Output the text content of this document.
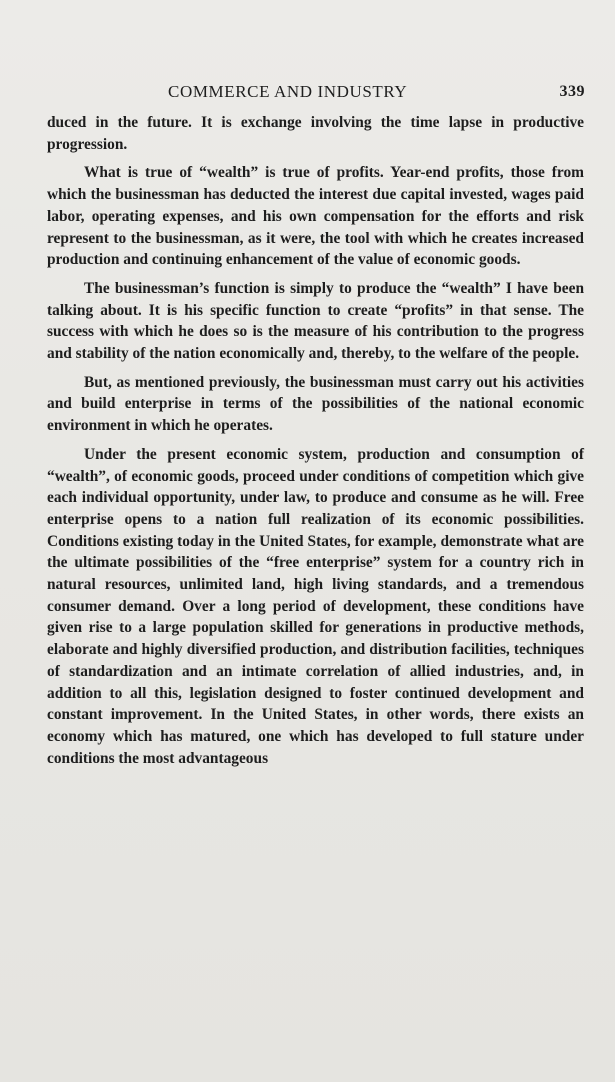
COMMERCE AND INDUSTRY	339

duced in the future. It is exchange involving the time lapse in productive progression.

What is true of “wealth” is true of profits. Year-end profits, those from which the businessman has deducted the interest due capital invested, wages paid labor, operating expenses, and his own compensation for the efforts and risk represent to the businessman, as it were, the tool with which he creates increased production and continuing enhancement of the value of economic goods.

The businessman’s function is simply to produce the “wealth” I have been talking about. It is his specific function to create “profits” in that sense. The success with which he does so is the measure of his contribution to the progress and stability of the nation economically and, thereby, to the welfare of the people.

But, as mentioned previously, the businessman must carry out his activities and build enterprise in terms of the possibilities of the national economic environment in which he operates.

Under the present economic system, production and consumption of “wealth”, of economic goods, proceed under conditions of competition which give each individual opportunity, under law, to produce and consume as he will. Free enterprise opens to a nation full realization of its economic possibilities. Conditions existing today in the United States, for example, demonstrate what are the ultimate possibilities of the “free enterprise” system for a country rich in natural resources, unlimited land, high living standards, and a tremendous consumer demand. Over a long period of development, these conditions have given rise to a large population skilled for generations in productive methods, elaborate and highly diversified production, and distribution facilities, techniques of standardization and an intimate correlation of allied industries, and, in addition to all this, legislation designed to foster continued development and constant improvement. In the United States, in other words, there exists an economy which has matured, one which has developed to full stature under conditions the most advantageous
